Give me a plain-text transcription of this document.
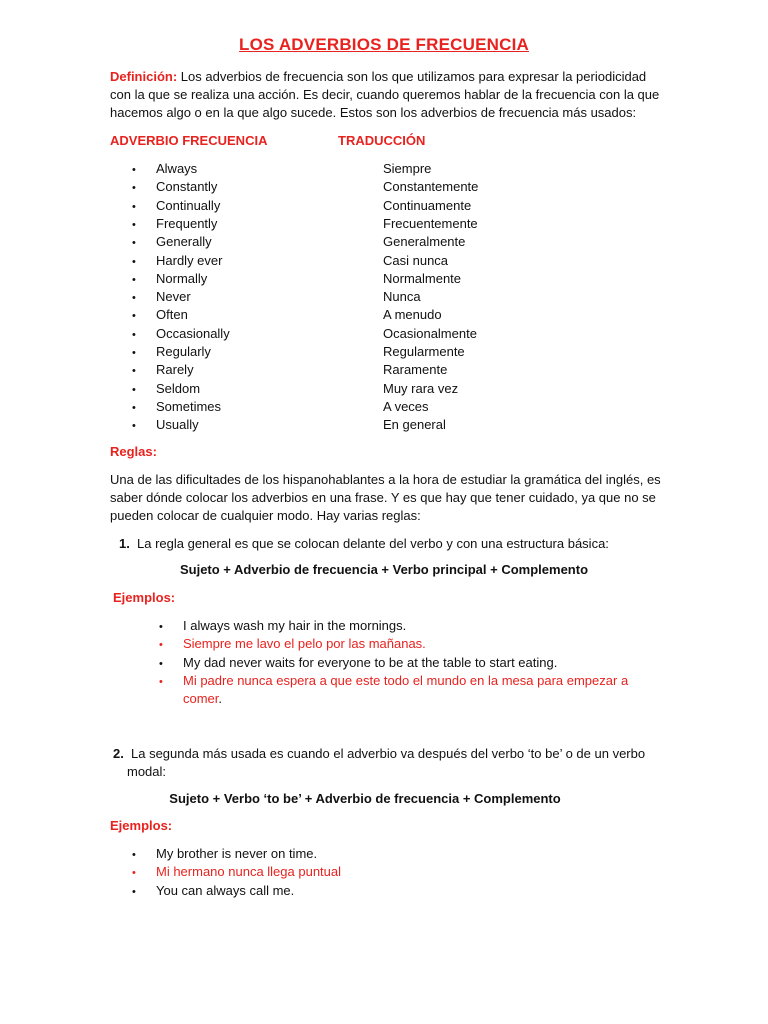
LOS ADVERBIOS DE FRECUENCIA
Definición: Los adverbios de frecuencia son los que utilizamos para expresar la periodicidad
con la que se realiza una acción. Es decir, cuando queremos hablar de la frecuencia con la que
hacemos algo o en la que algo sucede. Estos son los adverbios de frecuencia más usados:
ADVERBIO FRECUENCIA	TRADUCCIÓN
• Always	Siempre
• Constantly	Constantemente
• Continually	Continuamente
• Frequently	Frecuentemente
• Generally	Generalmente
• Hardly ever	Casi nunca
• Normally	Normalmente
• Never	Nunca
• Often	A menudo
• Occasionally	Ocasionalmente
• Regularly	Regularmente
• Rarely	Raramente
• Seldom	Muy rara vez
• Sometimes	A veces
• Usually	En general
Reglas:
Una de las dificultades de los hispanohablantes a la hora de estudiar la gramática del inglés, es
saber dónde colocar los adverbios en una frase. Y es que hay que tener cuidado, ya que no se
pueden colocar de cualquier modo. Hay varias reglas:
1. La regla general es que se colocan delante del verbo y con una estructura básica:
Sujeto + Adverbio de frecuencia + Verbo principal + Complemento
Ejemplos:
• I always wash my hair in the mornings.
• Siempre me lavo el pelo por las mañanas.
• My dad never waits for everyone to be at the table to start eating.
• Mi padre nunca espera a que este todo el mundo en la mesa para empezar a
comer.
2. La segunda más usada es cuando el adverbio va después del verbo ‘to be’ o de un verbo
modal:
Sujeto + Verbo ‘to be’ + Adverbio de frecuencia + Complemento
Ejemplos:
• My brother is never on time.
• Mi hermano nunca llega puntual
• You can always call me.
